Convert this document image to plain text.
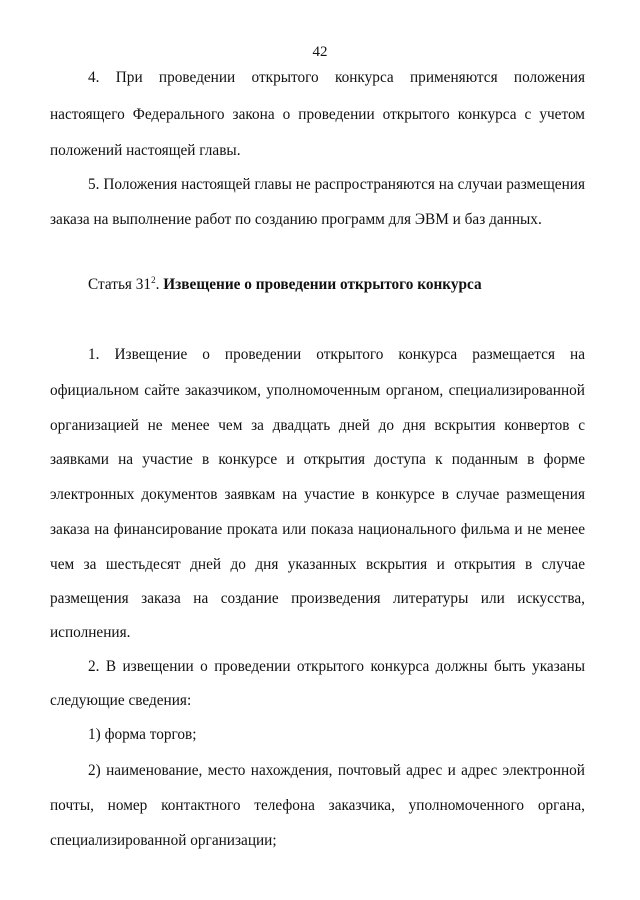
42
4. При проведении открытого конкурса применяются положения
настоящего Федерального закона о проведении открытого конкурса с учетом
положений настоящей главы.
5. Положения настоящей главы не распространяются на случаи размещения
заказа на выполнение работ по созданию программ для ЭВМ и баз данных.
Статья $31^2$. Извещение о проведении открытого конкурса
1. Извещение о проведении открытого конкурса размещается на
официальном сайте заказчиком, уполномоченным органом, специализированной
организацией не менее чем за двадцать дней до дня вскрытия конвертов с
заявками на участие в конкурсе и открытия доступа к поданным в форме
электронных документов заявкам на участие в конкурсе в случае размещения
заказа на финансирование проката или показа национального фильма и не менее
чем за шестьдесят дней до дня указанных вскрытия и открытия в случае
размещения заказа на создание произведения литературы или искусства,
исполнения.
2. В извещении о проведении открытого конкурса должны быть указаны
следующие сведения:
1) форма торгов;
2) наименование, место нахождения, почтовый адрес и адрес электронной
почты, номер контактного телефона заказчика, уполномоченного органа,
специализированной организации;
